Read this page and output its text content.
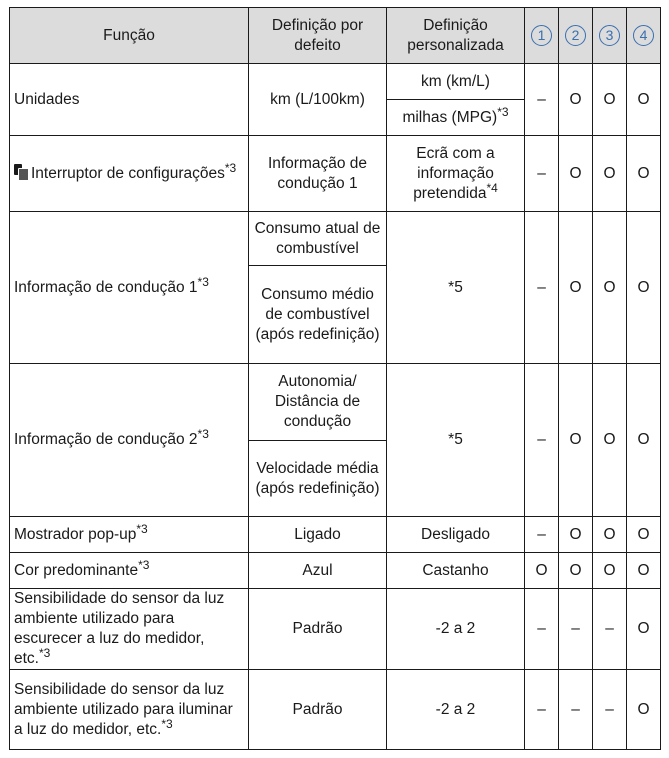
Função	Definição por defeito	Definição personalizada	1	2	3	4
Unidades	km (L/100km)	km (km/L)	–	O	O	O
		milhas (MPG)$^{*3}$
Interruptor de configurações$^{*3}$	Informação de condução 1	Ecrã com a informação pretendida$^{*4}$	–	O	O	O
Informação de condução 1$^{*3}$	Consumo atual de combustível	*5	–	O	O	O
	Consumo médio de combustível (após redefinição)					
Informação de condução 2$^{*3}$	Autonomia/ Distância de condução	*5	–	O	O	O
	Velocidade média (após redefinição)					
Mostrador pop-$up^{*3}$	Ligado	Desligado	–	O	O	O
Cor predominante$^{*3}$	Azul	Castanho	O	O	O	O
Sensibilidade do sensor da luz ambiente utilizado para escurecer a luz do medidor, etc.$^{*3}$	Padrão	-2 a 2	–	–	–	O
Sensibilidade do sensor da luz ambiente utilizado para iluminar a luz do medidor, etc.$^{*3}$	Padrão	-2 a 2	–	–	–	O
